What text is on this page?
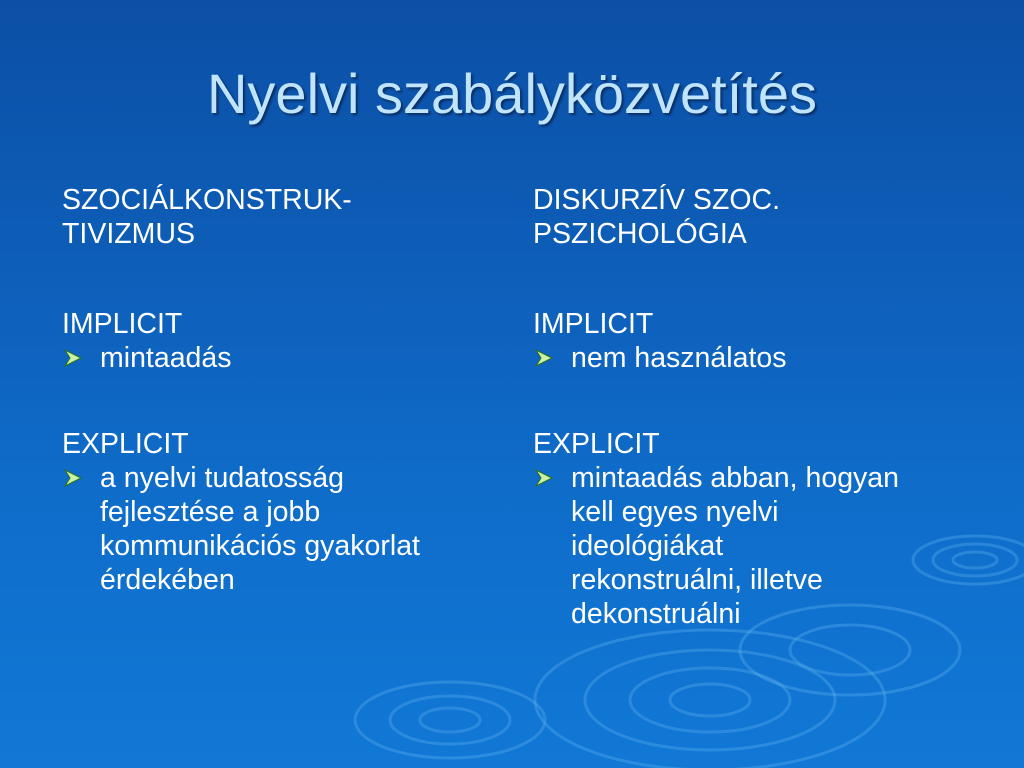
Nyelvi szabályközvetítés
SZOCIÁLKONSTRUK-
TIVIZMUS
IMPLICIT
mintaadás
EXPLICIT
a nyelvi tudatosság
fejlesztése a jobb
kommunikációs gyakorlat
érdekében
DISKURZÍV SZOC.
PSZICHOLÓGIA
IMPLICIT
nem használatos
EXPLICIT
mintaadás abban, hogyan
kell egyes nyelvi
ideológiákat
rekonstruálni, illetve
dekonstruálni
